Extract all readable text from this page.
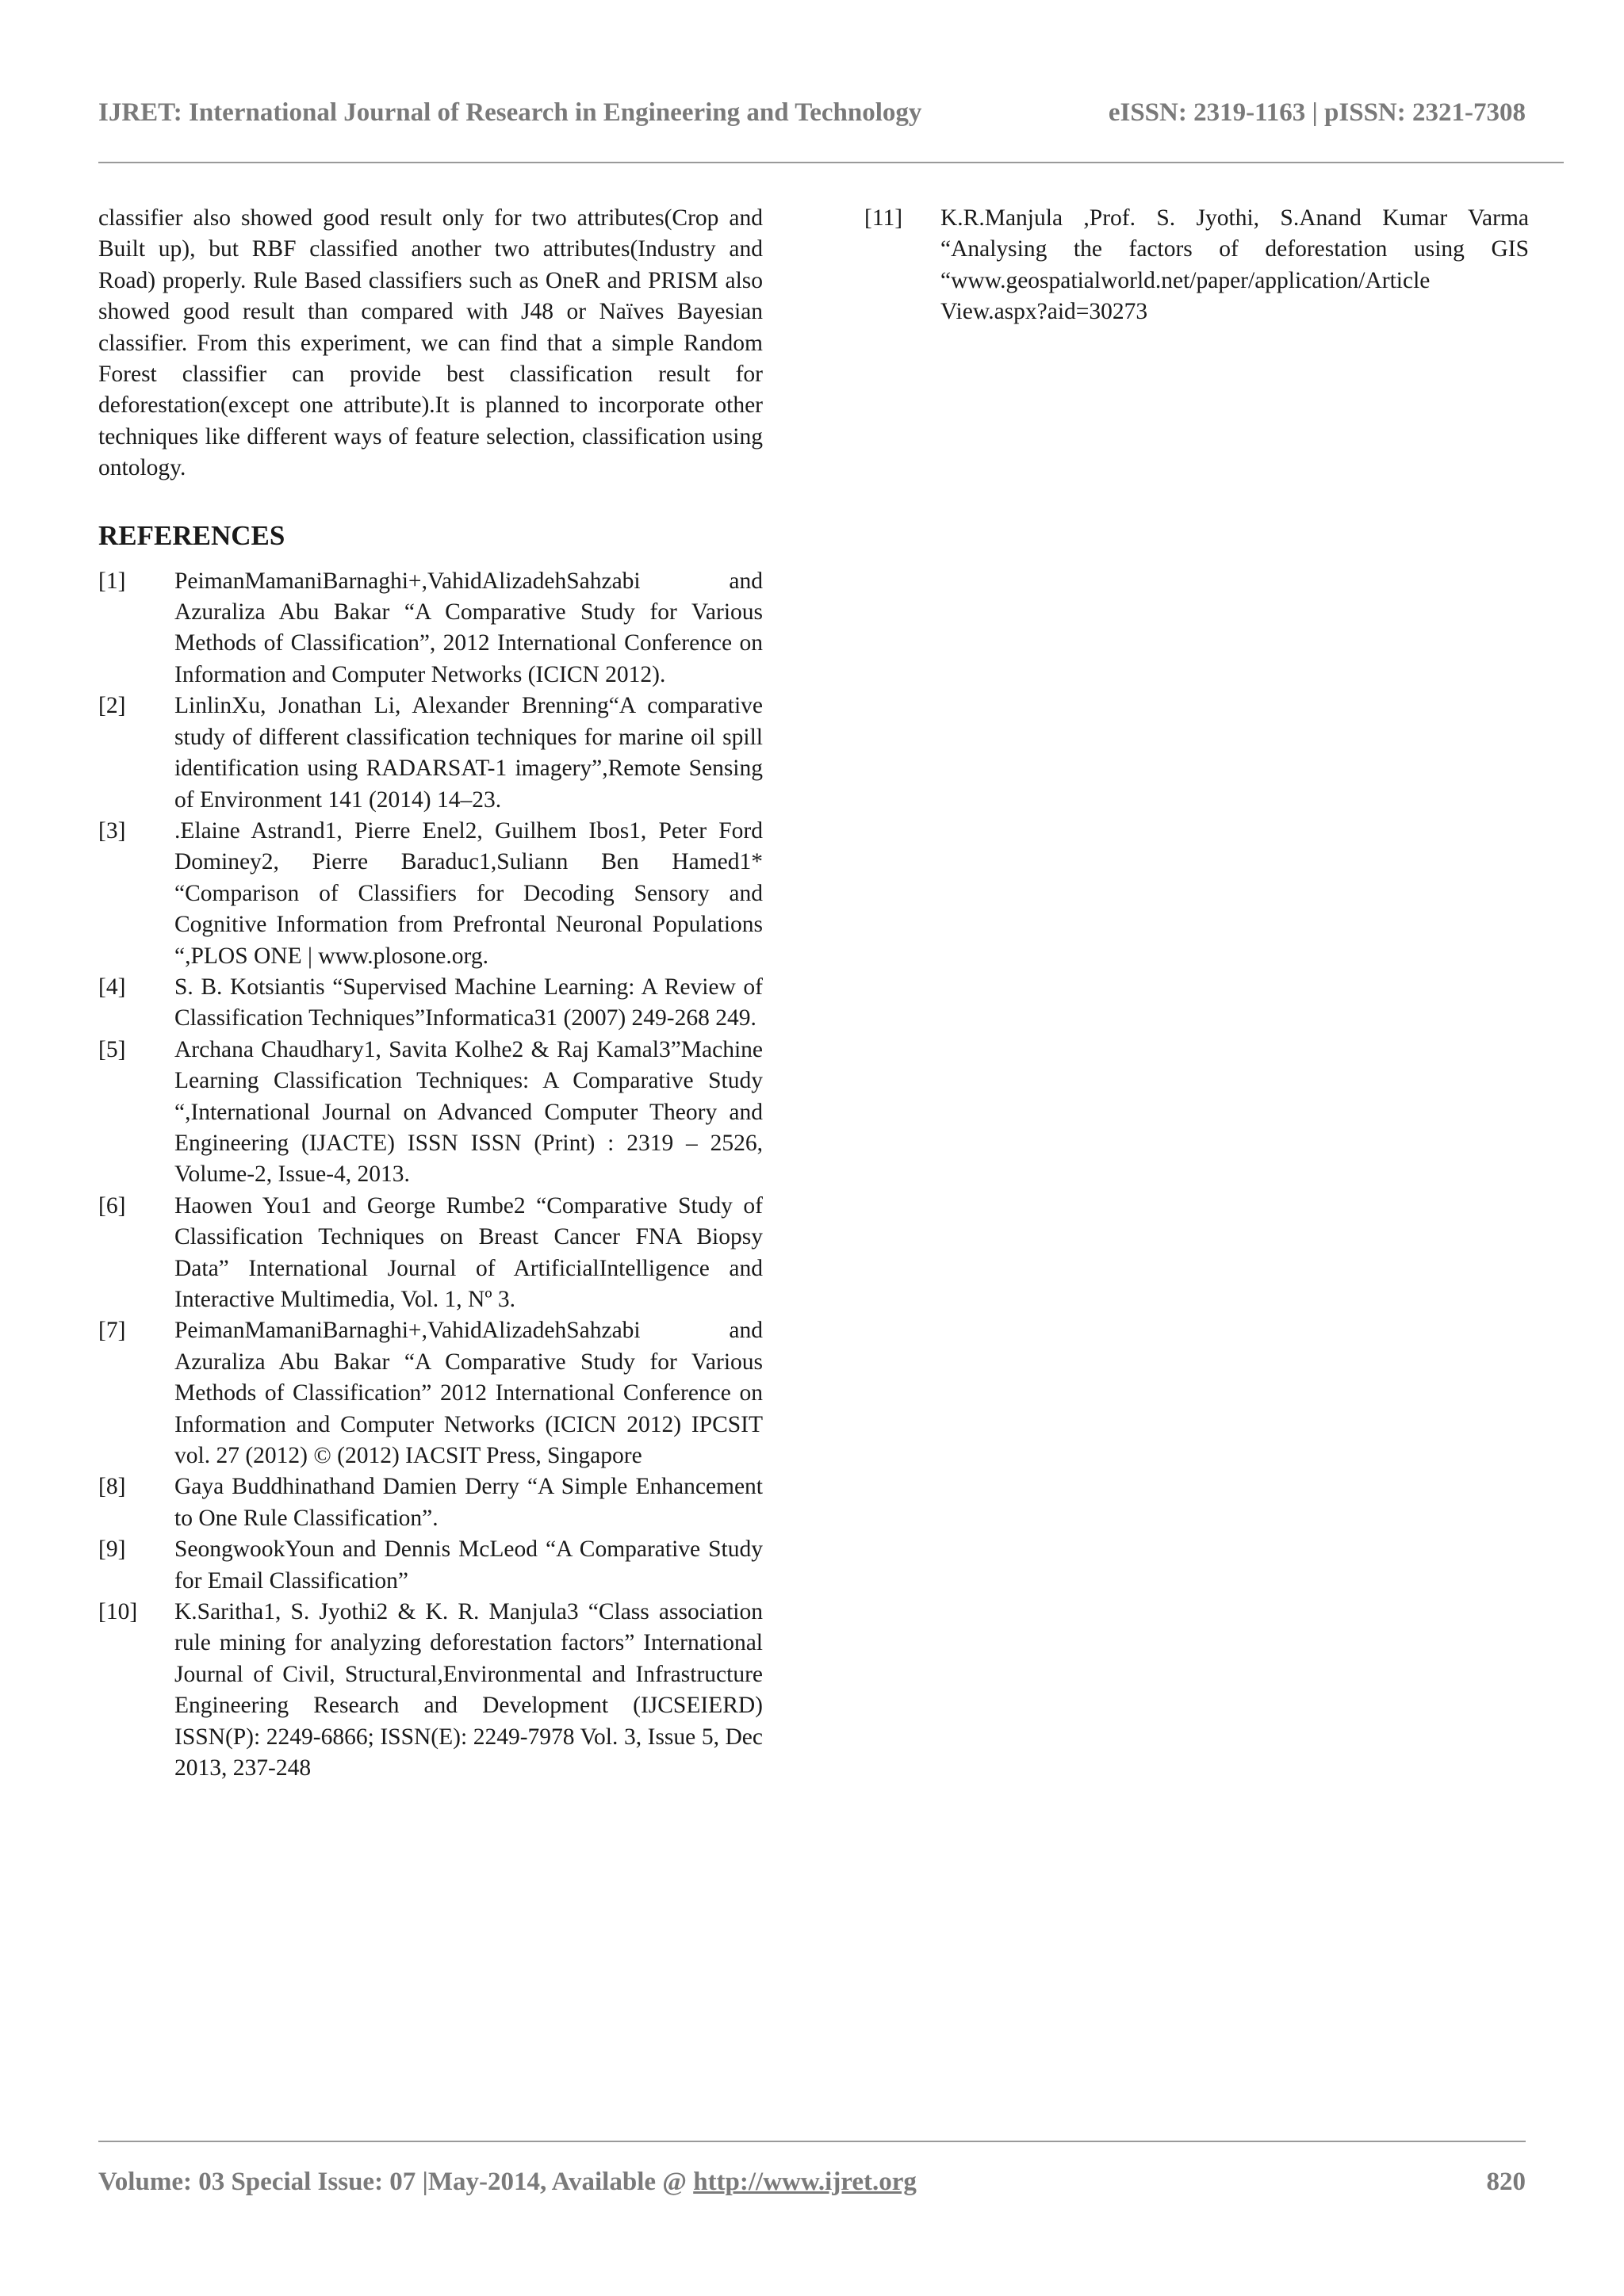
IJRET: International Journal of Research in Engineering and Technology	eISSN: 2319-1163 | pISSN: 2321-7308

classifier also showed good result only for two attributes(Crop and Built up), but RBF classified another two attributes(Industry and Road) properly. Rule Based classifiers such as OneR and PRISM also showed good result than compared with J48 or Naïves Bayesian classifier. From this experiment, we can find that a simple Random Forest classifier can provide best classification result for deforestation(except one attribute).It is planned to incorporate other techniques like different ways of feature selection, classification using ontology.

REFERENCES
[1]	PeimanMamaniBarnaghi+,VahidAlizadehSahzabi and Azuraliza Abu Bakar “A Comparative Study for Various Methods of Classification”, 2012 International Conference on Information and Computer Networks (ICICN 2012).
[2]	LinlinXu, Jonathan Li, Alexander Brenning“A comparative study of different classification techniques for marine oil spill identification using RADARSAT-1 imagery”,Remote Sensing of Environment 141 (2014) 14–23.
[3]	.Elaine Astrand1, Pierre Enel2, Guilhem Ibos1, Peter Ford Dominey2, Pierre Baraduc1,Suliann Ben Hamed1* “Comparison of Classifiers for Decoding Sensory and Cognitive Information from Prefrontal Neuronal Populations “,PLOS ONE | www.plosone.org.
[4]	S. B. Kotsiantis “Supervised Machine Learning: A Review of Classification Techniques”Informatica31 (2007) 249-268 249.
[5]	Archana Chaudhary1, Savita Kolhe2 & Raj Kamal3”Machine Learning Classification Techniques: A Comparative Study “,International Journal on Advanced Computer Theory and Engineering (IJACTE) ISSN ISSN (Print) : 2319 – 2526, Volume-2, Issue-4, 2013.
[6]	Haowen You1 and George Rumbe2 “Comparative Study of Classification Techniques on Breast Cancer FNA Biopsy Data” International Journal of ArtificialIntelligence and Interactive Multimedia, Vol. 1, Nº 3.
[7]	PeimanMamaniBarnaghi+,VahidAlizadehSahzabi and Azuraliza Abu Bakar “A Comparative Study for Various Methods of Classification” 2012 International Conference on Information and Computer Networks (ICICN 2012) IPCSIT vol. 27 (2012) © (2012) IACSIT Press, Singapore
[8]	Gaya Buddhinathand Damien Derry “A Simple Enhancement to One Rule Classification”.
[9]	SeongwookYoun and Dennis McLeod “A Comparative Study for Email Classification”
[10]	K.Saritha1, S. Jyothi2 & K. R. Manjula3 “Class association rule mining for analyzing deforestation factors” International Journal of Civil, Structural,Environmental and Infrastructure Engineering Research and Development (IJCSEIERD) ISSN(P): 2249-6866; ISSN(E): 2249-7978 Vol. 3, Issue 5, Dec 2013, 237-248
[11]	K.R.Manjula ,Prof. S. Jyothi, S.Anand Kumar Varma “Analysing the factors of deforestation using GIS “www.geospatialworld.net/paper/application/Article View.aspx?aid=30273
Volume: 03 Special Issue: 07 |May-2014, Available @ http://www.ijret.org	820
